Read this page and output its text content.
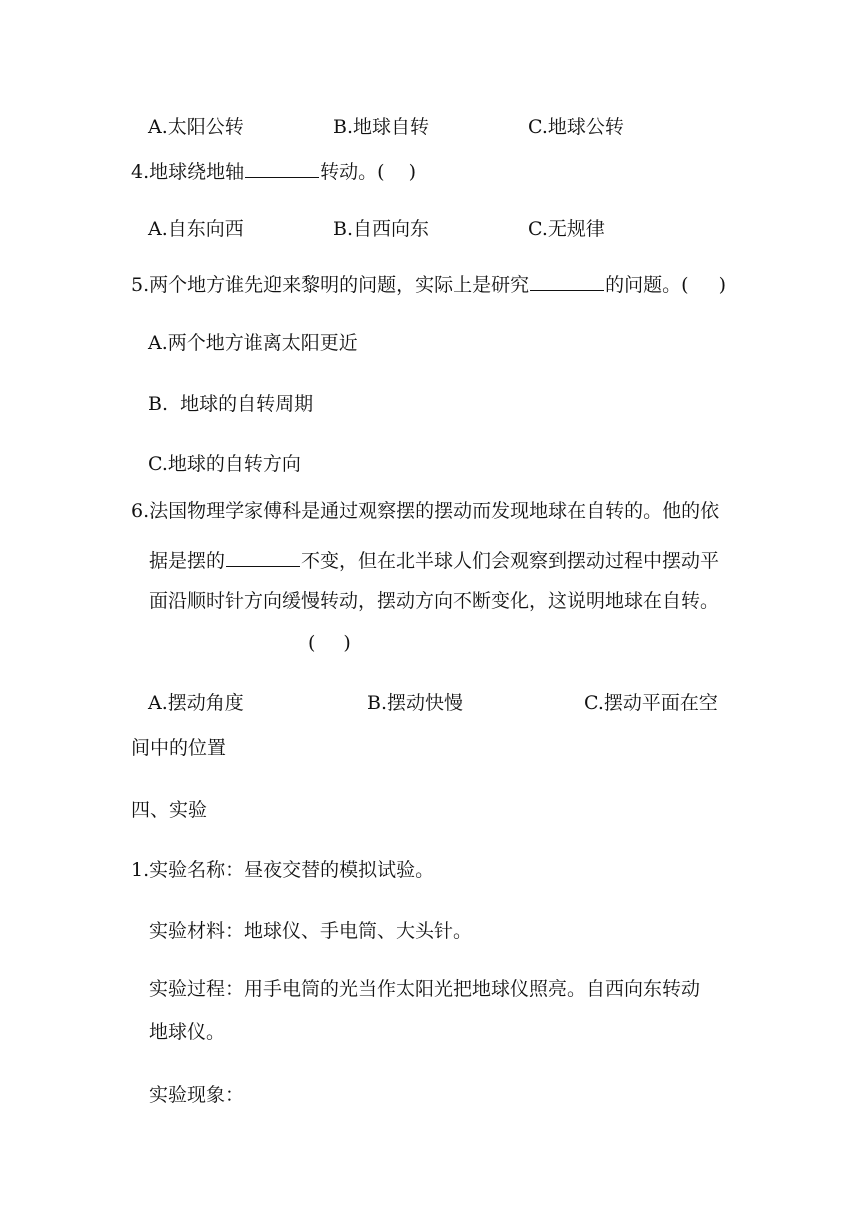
A.太阳公转	B.地球自转	C.地球公转
4.地球绕地轴	转动。( )
A.自东向西	B.自西向东	C.无规律
5.两个地方谁先迎来黎明的问题，实际上是研究	的问题。( )
A.两个地方谁离太阳更近
B.  地球的自转周期
C.地球的自转方向
6.法国物理学家傅科是通过观察摆的摆动而发现地球在自转的。他的依
据是摆的	不变，但在北半球人们会观察到摆动过程中摆动平
面沿顺时针方向缓慢转动，摆动方向不断变化，这说明地球在自转。
( )
A.摆动角度	B.摆动快慢	C.摆动平面在空
间中的位置
四、实验
1.实验名称：昼夜交替的模拟试验。
实验材料：地球仪、手电筒、大头针。
实验过程：用手电筒的光当作太阳光把地球仪照亮。自西向东转动
地球仪。
实验现象：
